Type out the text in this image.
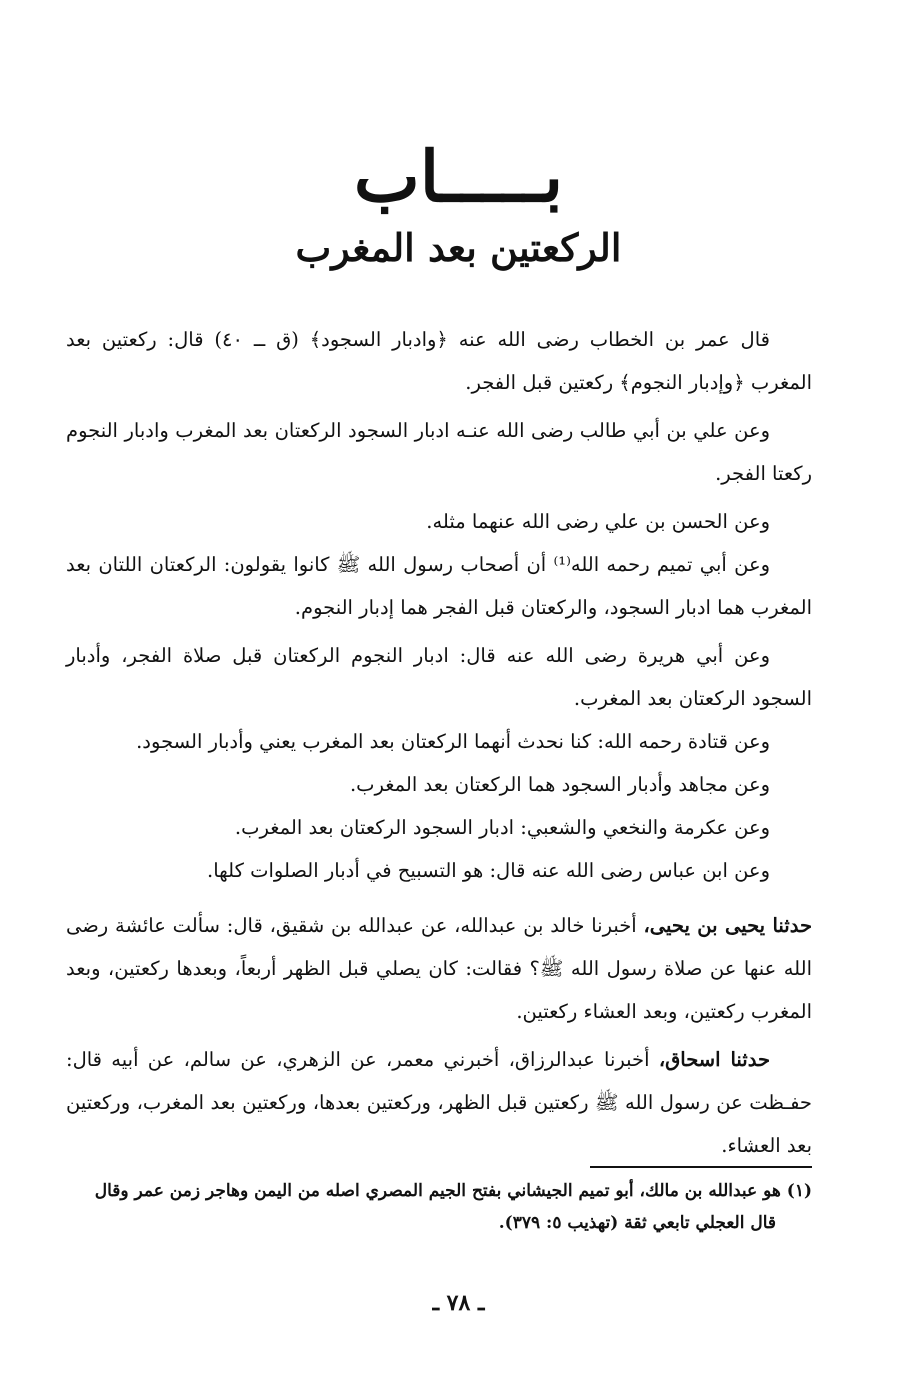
بـــــاب
الركعتين بعد المغرب

قال عمر بن الخطاب رضى الله عنه ﴿وادبار السجود﴾ (ق ــ ٤٠) قال: ركعتين بعد المغرب ﴿وإدبار النجوم﴾ ركعتين قبل الفجر.

وعن علي بن أبي طالب رضى الله عنـه ادبار السجود الركعتان بعد المغرب وادبار النجوم ركعتا الفجر.

وعن الحسن بن علي رضى الله عنهما مثله.

وعن أبي تميم رحمه الله⁽¹⁾ أن أصحاب رسول الله ﷺ كانوا يقولون: الركعتان اللتان بعد المغرب هما ادبار السجود، والركعتان قبل الفجر هما إدبار النجوم.

وعن أبي هريرة رضى الله عنه قال: ادبار النجوم الركعتان قبل صلاة الفجر، وأدبار السجود الركعتان بعد المغرب.

وعن قتادة رحمه الله: كنا نحدث أنهما الركعتان بعد المغرب يعني وأدبار السجود.

وعن مجاهد وأدبار السجود هما الركعتان بعد المغرب.

وعن عكرمة والنخعي والشعبي: ادبار السجود الركعتان بعد المغرب.

وعن ابن عباس رضى الله عنه قال: هو التسبيح في أدبار الصلوات كلها.

حدثنا يحيى بن يحيى، أخبرنا خالد بن عبدالله، عن عبدالله بن شقيق، قال: سألت عائشة رضى الله عنها عن صلاة رسول الله ﷺ؟ فقالت: كان يصلي قبل الظهر أربعاً، وبعدها ركعتين، وبعد المغرب ركعتين، وبعد العشاء ركعتين.

حدثنا اسحاق، أخبرنا عبدالرزاق، أخبرني معمر، عن الزهري، عن سالم، عن أبيه قال: حفـظت عن رسول الله ﷺ ركعتين قبل الظهر، وركعتين بعدها، وركعتين بعد المغرب، وركعتين بعد العشاء.

(١) هو عبدالله بن مالك، أبو تميم الجيشاني بفتح الجيم المصري اصله من اليمن وهاجر زمن عمر وقال

قال العجلي تابعي ثقة (تهذيب ٥: ٣٧٩).

ـ ٧٨ ـ
